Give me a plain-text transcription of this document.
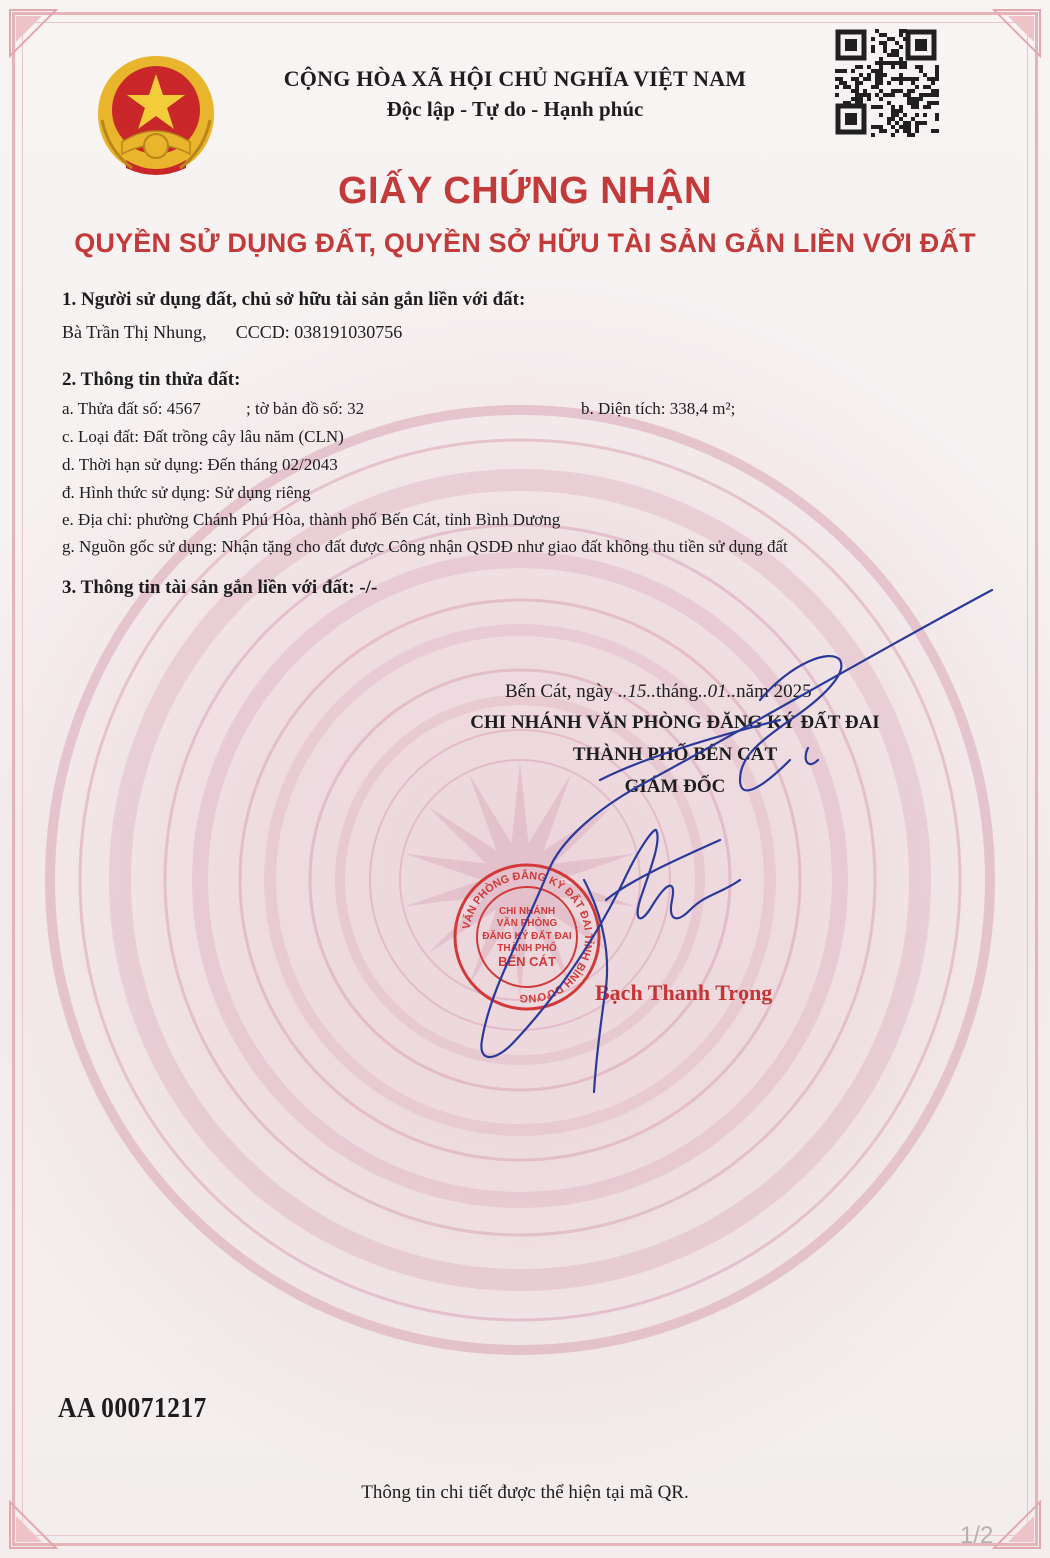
CỘNG HÒA XÃ HỘI CHỦ NGHĨA VIỆT NAM
Độc lập - Tự do - Hạnh phúc
GIẤY CHỨNG NHẬN
QUYỀN SỬ DỤNG ĐẤT, QUYỀN SỞ HỮU TÀI SẢN GẮN LIỀN VỚI ĐẤT
1. Người sử dụng đất, chủ sở hữu tài sản gắn liền với đất:
Bà Trần Thị Nhung, CCCD: 038191030756
2. Thông tin thửa đất:
a. Thửa đất số: 4567	; tờ bản đồ số: 32	b. Diện tích: 338,4 m²;
c. Loại đất: Đất trồng cây lâu năm (CLN)
d. Thời hạn sử dụng: Đến tháng 02/2043
đ. Hình thức sử dụng: Sử dụng riêng
e. Địa chỉ: phường Chánh Phú Hòa, thành phố Bến Cát, tỉnh Bình Dương
g. Nguồn gốc sử dụng: Nhận tặng cho đất được Công nhận QSDĐ như giao đất không thu tiền sử dụng đất
3. Thông tin tài sản gắn liền với đất: -/-
Bến Cát, ngày ..15..tháng..01..năm 2025
CHI NHÁNH VĂN PHÒNG ĐĂNG KÝ ĐẤT ĐAI
THÀNH PHỐ BẾN CÁT
GIÁM ĐỐC
VĂN PHÒNG ĐĂNG KÝ ĐẤT ĐAI TỈNH BÌNH DƯƠNG
CHI NHÁNH
VĂN PHÒNG
ĐĂNG KÝ ĐẤT ĐAI
THÀNH PHỐ
BẾN CÁT
Bạch Thanh Trọng
AA 00071217
Thông tin chi tiết được thể hiện tại mã QR.
1/2
